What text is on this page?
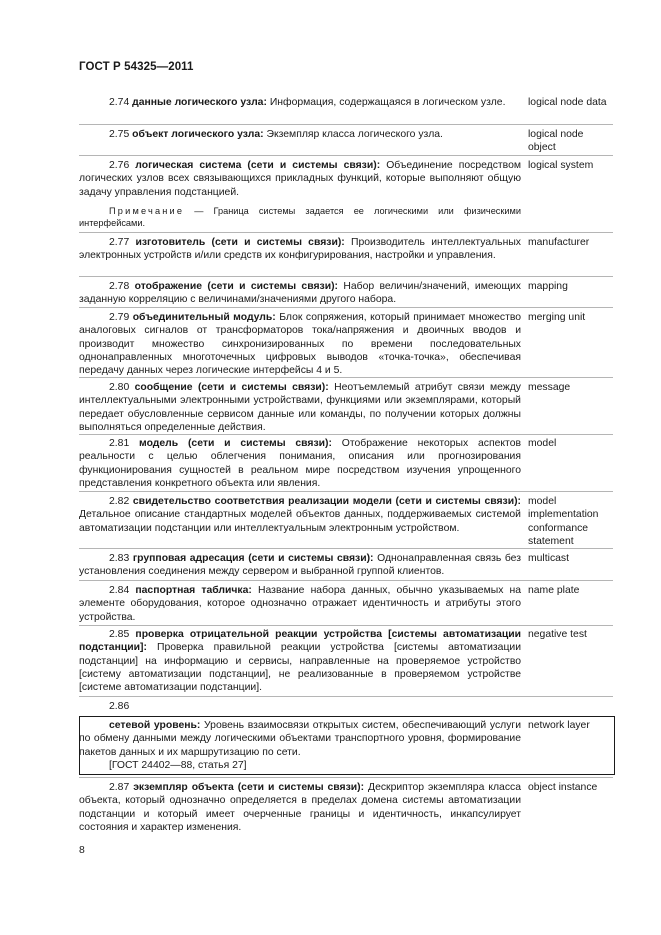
ГОСТ Р 54325—2011
2.74 данные логического узла: Информация, содержащаяся в логическом узле.	logical node data
2.75 объект логического узла: Экземпляр класса логического узла.	logical node
object
2.76 логическая система (сети и системы связи): Объединение посредством логических узлов всех связывающихся прикладных функций, которые выполняют общую задачу управления подстанцией.
logical system
Примечание — Граница системы задается ее логическими или физическими интерфейсами.
2.77 изготовитель (сети и системы связи): Производитель интеллектуальных электронных устройств и/или средств их конфигурирования, настройки и управления.
manufacturer
2.78 отображение (сети и системы связи): Набор величин/значений, имеющих заданную корреляцию с величинами/значениями другого набора.
mapping
2.79 объединительный модуль: Блок сопряжения, который принимает множество аналоговых сигналов от трансформаторов тока/напряжения и двоичных вводов и производит множество синхронизированных по времени последовательных однонаправленных многоточечных цифровых выводов «точка-точка», обеспечивая передачу данных через логические интерфейсы 4 и 5.
merging unit
2.80 сообщение (сети и системы связи): Неотъемлемый атрибут связи между интеллектуальными электронными устройствами, функциями или экземплярами, который передает обусловленные сервисом данные или команды, по получении которых должны выполняться определенные действия.
message
2.81 модель (сети и системы связи): Отображение некоторых аспектов реальности с целью облегчения понимания, описания или прогнозирования функционирования сущностей в реальном мире посредством изучения упрощенного представления конкретного объекта или явления.
model
2.82 свидетельство соответствия реализации модели (сети и системы связи): Детальное описание стандартных моделей объектов данных, поддерживаемых системой автоматизации подстанции или интеллектуальным электронным устройством.
model
implementation
conformance
statement
2.83 групповая адресация (сети и системы связи): Однонаправленная связь без установления соединения между сервером и выбранной группой клиентов.
multicast
2.84 паспортная табличка: Название набора данных, обычно указываемых на элементе оборудования, которое однозначно отражает идентичность и атрибуты этого устройства.
name plate
2.85 проверка отрицательной реакции устройства [системы автоматизации подстанции]: Проверка правильной реакции устройства [системы автоматизации подстанции] на информацию и сервисы, направленные на проверяемое устройство [систему автоматизации подстанции], не реализованные в проверяемом устройстве [системе автоматизации подстанции].
negative test
2.86
сетевой уровень: Уровень взаимосвязи открытых систем, обеспечивающий услуги по обмену данными между логическими объектами транспортного уровня, формирование пакетов данных и их маршрутизацию по сети.
[ГОСТ 24402—88, статья 27]
network layer
2.87 экземпляр объекта (сети и системы связи): Дескриптор экземпляра класса объекта, который однозначно определяется в пределах домена системы автоматизации подстанции и который имеет очерченные границы и идентичность, инкапсулирует состояния и характер изменения.
object instance
8
